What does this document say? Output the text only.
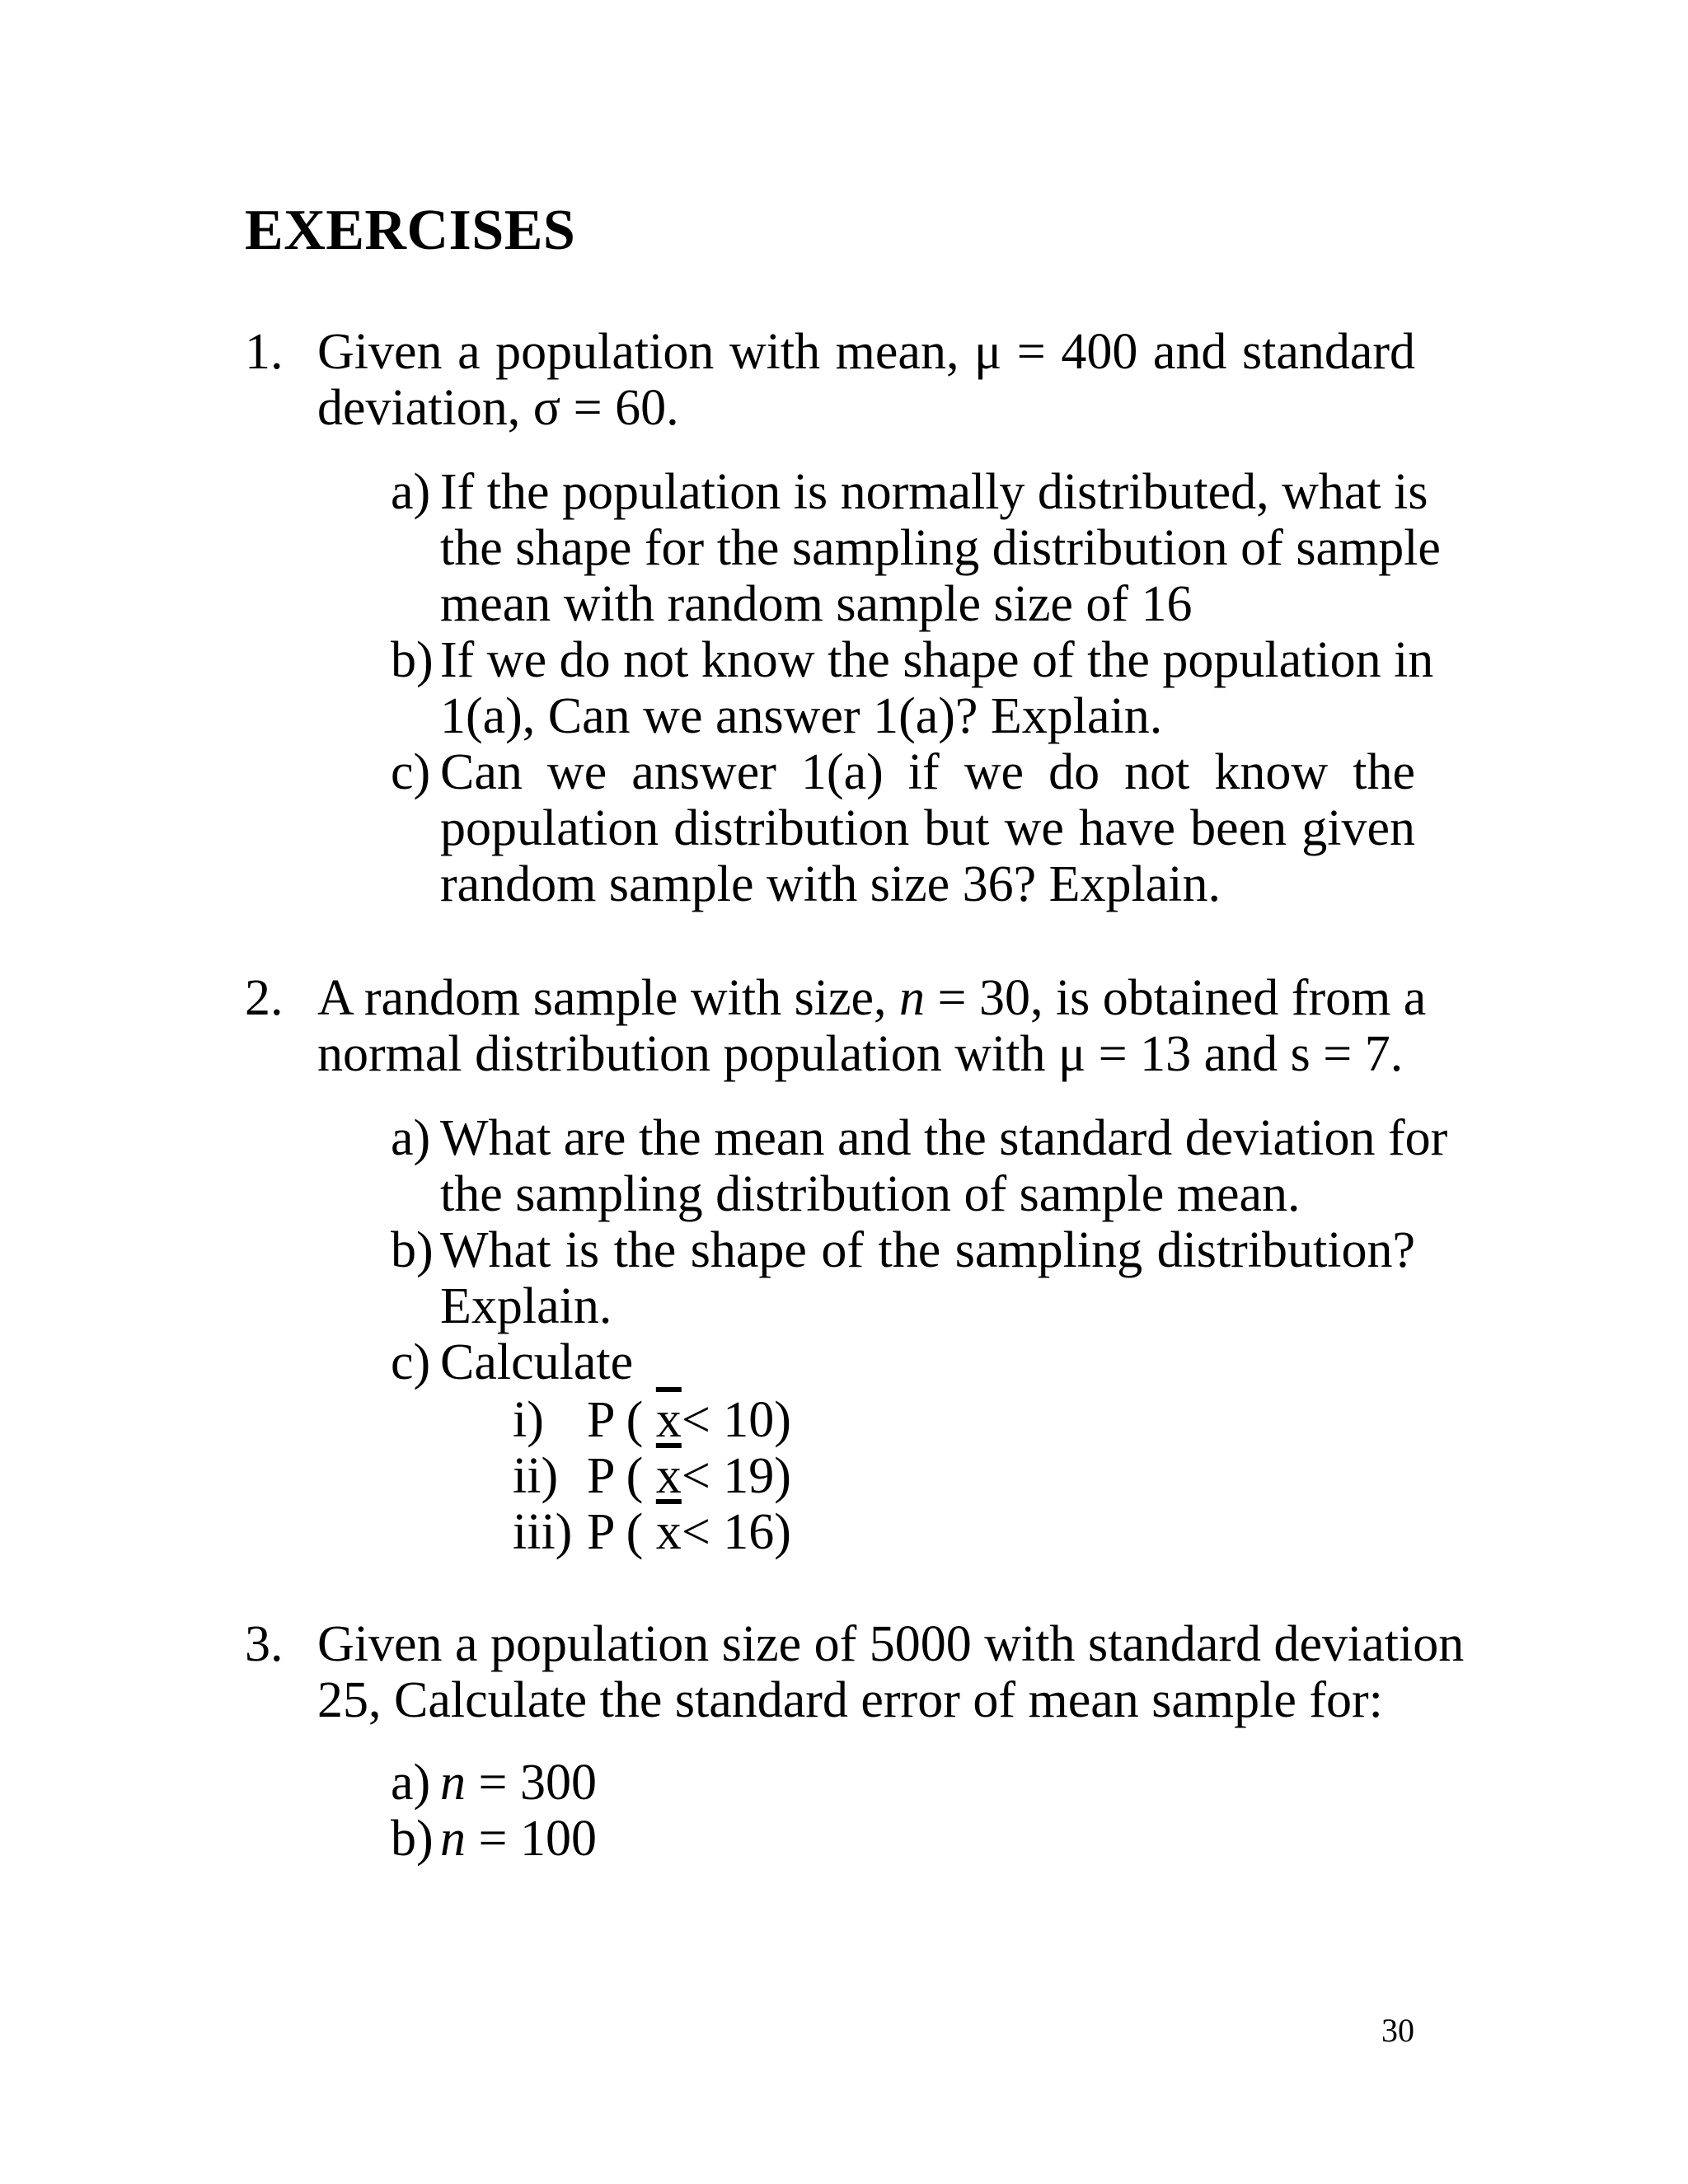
EXERCISES
1. Given a population with mean, μ = 400 and standard
deviation, σ = 60.
a) If the population is normally distributed, what is
the shape for the sampling distribution of sample
mean with random sample size of 16
b) If we do not know the shape of the population in
1(a), Can we answer 1(a)? Explain.
c) Can we answer 1(a) if we do not know the
population distribution but we have been given
random sample with size 36? Explain.
2. A random sample with size, n = 30, is obtained from a
normal distribution population with μ = 13 and s = 7.
a) What are the mean and the standard deviation for
the sampling distribution of sample mean.
b) What is the shape of the sampling distribution?
Explain.
c) Calculate
i) P ( $\overline{x}< 10$)
ii) P ( $\overline{x}< 19$)
iii) P ( $\overline{x}< 16$)
3. Given a population size of 5000 with standard deviation
25, Calculate the standard error of mean sample for:
a) n = 300
b) n = 100
30
